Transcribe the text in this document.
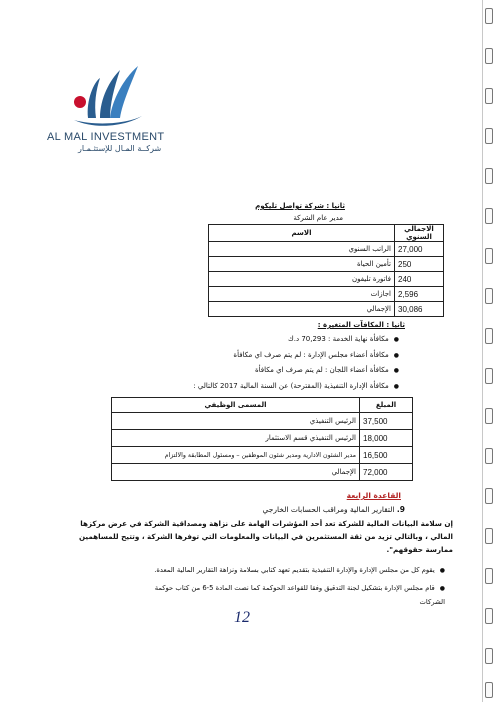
AL MAL INVESTMENT
شركــة المـال للإستثـمـار
ثانيا : شركة تواصل تليكوم
مدير عام الشركة
الاجمالي السنوي	الاسم
27,000	الراتب السنوي
250	تأمين الحياة
240	فاتورة تليفون
2,596	اجازات
30,086	الإجمالي
ثانيا : المكافآت المتغيرة :
● مكافأة نهاية الخدمة : 70,293 د.ك
● مكافأة أعضاء مجلس الإدارة : لم يتم صرف اي مكافأة
● مكافأة أعضاء اللجان : لم يتم صرف اي مكافأة
● مكافأة الإدارة التنفيذية (المقترحة) عن السنة المالية 2017 كالتالي :
المبلغ	المسمى الوظيفي
37,500	الرئيس التنفيذي
18,000	الرئيس التنفيذي قسم الاستثمار
16,500	مدير الشئون الادارية ومدير شئون الموظفين – ومسئول المطابقة والالتزام
72,000	الإجمالي
القاعدة الرابعة
9. التقارير المالية ومراقب الحسابات الخارجي
إن سلامة البيانات المالية للشركة تعد أحد المؤشرات الهامة على نزاهة ومصداقية الشركة في عرض مركزها
المالي ، وبالتالي تزيد من ثقة المستثمرين في البيانات والمعلومات التي توفرها الشركة ، وتتيح للمساهمين
ممارسة حقوقهم".
● يقوم كل من مجلس الإدارة والإدارة التنفيذية بتقديم تعهد كتابي بسلامة ونزاهة التقارير المالية المعدة.
● قام مجلس الإدارة بتشكيل لجنة التدقيق وفقا للقواعد الحوكمة كما نصت المادة 5-6 من كتاب حوكمة
الشركات
12
